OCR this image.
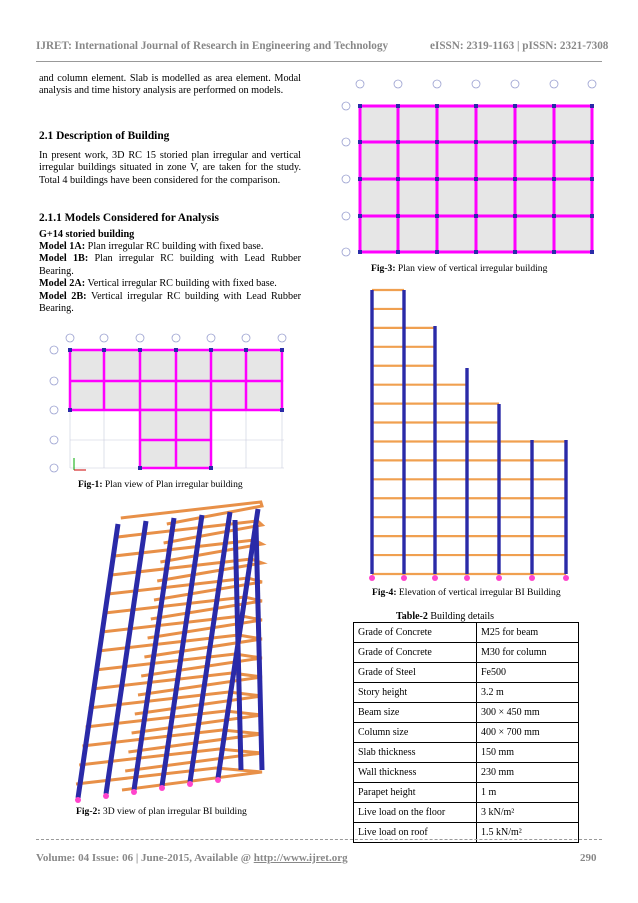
IJRET: International Journal of Research in Engineering and Technology	eISSN: 2319-1163 | pISSN: 2321-7308
and column element. Slab is modelled as area element. Modal analysis and time history analysis are performed on models.
2.1 Description of Building
In present work, 3D RC 15 storied plan irregular and vertical irregular buildings situated in zone V, are taken for the study. Total 4 buildings have been considered for the comparison.
2.1.1 Models Considered for Analysis
G+14 storied building

Model 1A: Plan irregular RC building with fixed base.

Model 1B: Plan irregular RC building with Lead Rubber Bearing.

Model 2A: Vertical irregular RC building with fixed base.

Model 2B: Vertical irregular RC building with Lead Rubber Bearing.

Fig-1: Plan view of Plan irregular building
Fig-2: 3D view of plan irregular BI building
Fig-3: Plan view of vertical irregular building
Fig-4: Elevation of vertical irregular BI Building
Table-2 Building details
Grade of Concrete	M25 for beam
Grade of Concrete	M30 for column
Grade of Steel	Fe500
Story height	3.2 m
Beam size	300 × 450 mm
Column size	400 × 700 mm
Slab thickness	150 mm
Wall thickness	230 mm
Parapet height	1 m
Live load on the floor	3 kN/m²
Live load on roof	1.5 kN/m²
Volume: 04 Issue: 06 | June-2015, Available @ http://www.ijret.org	290
